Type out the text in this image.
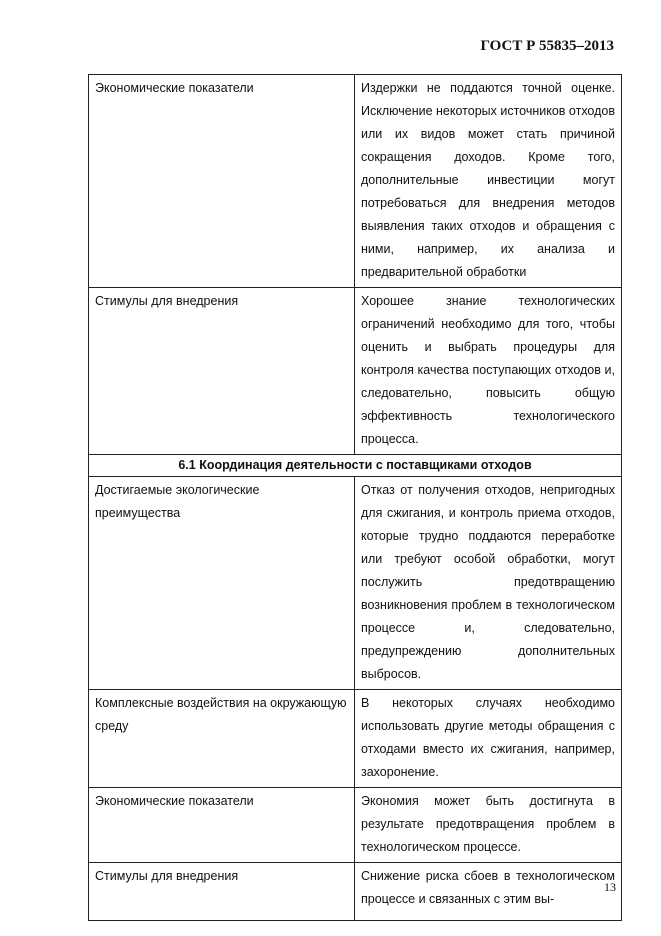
ГОСТ Р 55835–2013
Экономические показатели	Издержки не поддаются точной оценке. Исключение некоторых источников отходов или их видов может стать причиной сокращения доходов. Кроме того, дополнительные инвестиции могут потребоваться для внедрения методов выявления таких отходов и обращения с ними, например, их анализа и предварительной обработки

Стимулы для внедрения	Хорошее знание технологических ограничений необходимо для того, чтобы оценить и выбрать процедуры для контроля качества поступающих отходов и, следовательно, повысить общую эффективность технологического процесса.

6.1 Координация деятельности с поставщиками отходов	

Достигаемые экологические преимущества	Отказ от получения отходов, непригодных для сжигания, и контроль приема отходов, которые трудно поддаются переработке или требуют особой обработки, могут послужить предотвращению возникновения проблем в технологическом процессе и, следовательно, предупреждению дополнительных выбросов.

Комплексные воздействия на окружающую среду	В некоторых случаях необходимо использовать другие методы обращения с отходами вместо их сжигания, например, захоронение.

Экономические показатели	Экономия может быть достигнута в результате предотвращения проблем в технологическом процессе.

Стимулы для внедрения	Снижение риска сбоев в технологическом процессе и связанных с этим вы-
13
